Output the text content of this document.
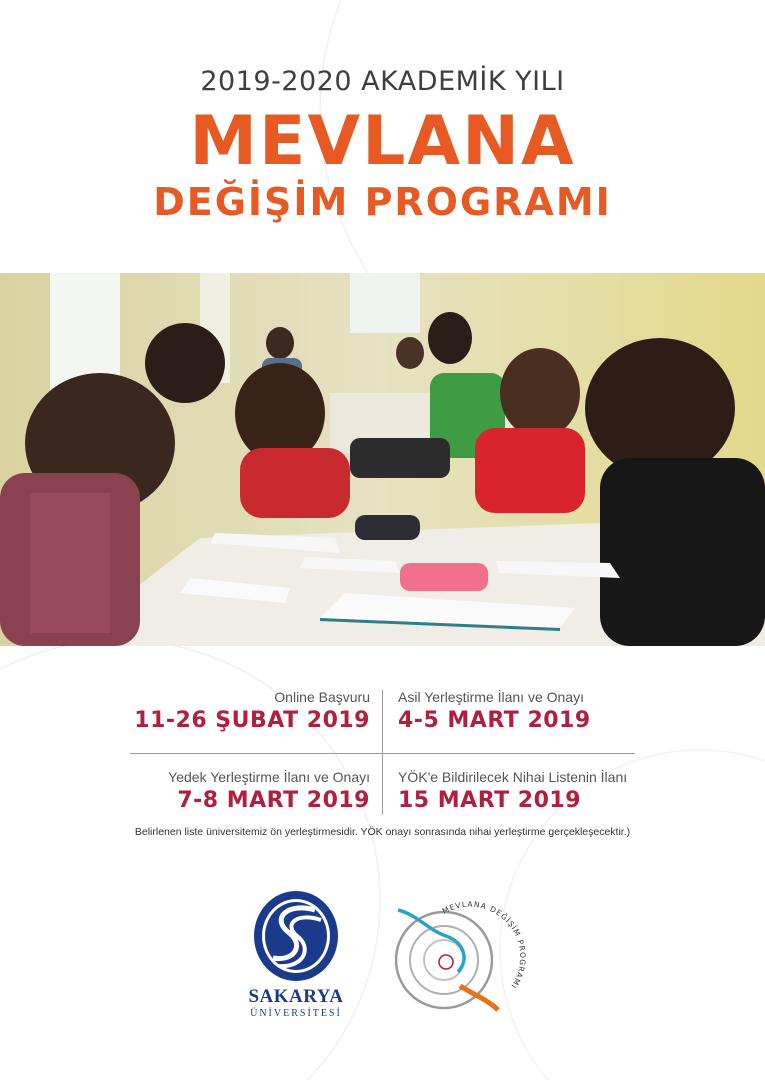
2019-2020 AKADEMİK YILI
MEVLANA
DEĞİŞİM PROGRAMI
Online Başvuru
11-26 ŞUBAT 2019
Asil Yerleştirme İlanı ve Onayı
4-5 MART 2019
Yedek Yerleştirme İlanı ve Onayı
7-8 MART 2019
YÖK'e Bildirilecek Nihai Listenin İlanı
15 MART 2019
Belirlenen liste üniversitemiz ön yerleştirmesidir. YÖK onayı sonrasında nihai yerleştirme gerçekleşecektir.)
SAKARYA
ÜNİVERSİTESİ
MEVLANA DEĞİŞİM PROGRAMI
